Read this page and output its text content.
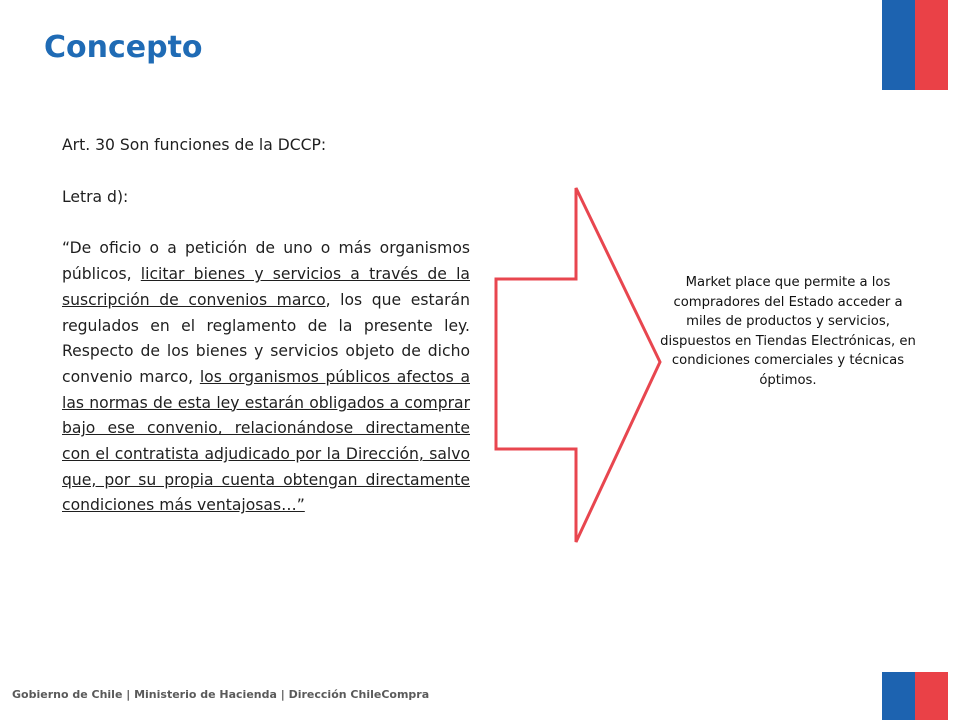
Concepto

Art. 30 Son funciones de la DCCP:

Letra d):

“De oficio o a petición de uno o más organismos públicos, licitar bienes y servicios a través de la suscripción de convenios marco, los que estarán regulados en el reglamento de la presente ley. Respecto de los bienes y servicios objeto de dicho convenio marco, los organismos públicos afectos a las normas de esta ley estarán obligados a comprar bajo ese convenio, relacionándose directamente con el contratista adjudicado por la Dirección, salvo que, por su propia cuenta obtengan directamente condiciones más ventajosas…”

Market place que permite a los compradores del Estado acceder a miles de productos y servicios, dispuestos en Tiendas Electrónicas, en condiciones comerciales y técnicas óptimos.
Gobierno de Chile | Ministerio de Hacienda | Dirección ChileCompra
